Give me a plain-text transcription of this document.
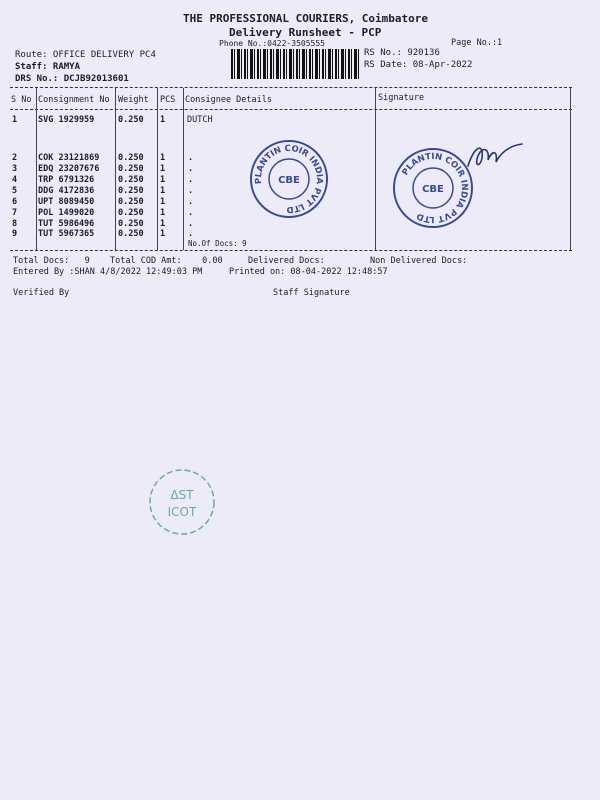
THE PROFESSIONAL COURIERS, Coimbatore
Delivery Runsheet - PCP
Phone No.:0422-3505555	Page No.:1
Route: OFFICE DELIVERY PC4
Staff: RAMYA
DRS No.: DCJB92013601
RS No.: 920136
RS Date: 08-Apr-2022
S No Consignment No Weight PCS Consignee Details	Signature
1 SVG 1929959	0.250 1	DUTCH
2 COK 23121869 0.250 1	.
3 EDQ 23207676 0.250 1	.
4 TRP 6791326	0.250 1	.
5 DDG 4172836	0.250 1	.
6 UPT 8089450	0.250 1	.
7 POL 1499020	0.250 1	.
8 TUT 5986496	0.250 1	.
9 TUT 5967365	0.250 1	.
No.Of Docs: 9
PLANTIN COIR INDIA PVT LTD
CBE
PLANTIN COIR INDIA PVT LTD
CBE
Total Docs:   9 Total COD Amt:    0.00	Delivered Docs:	Non Delivered Docs:
Entered By :SHAN 4/8/2022 12:49:03 PM	Printed on: 08-04-2022 12:48:57
Verified By	Staff Signature
ΔЅΤ
ICOT
